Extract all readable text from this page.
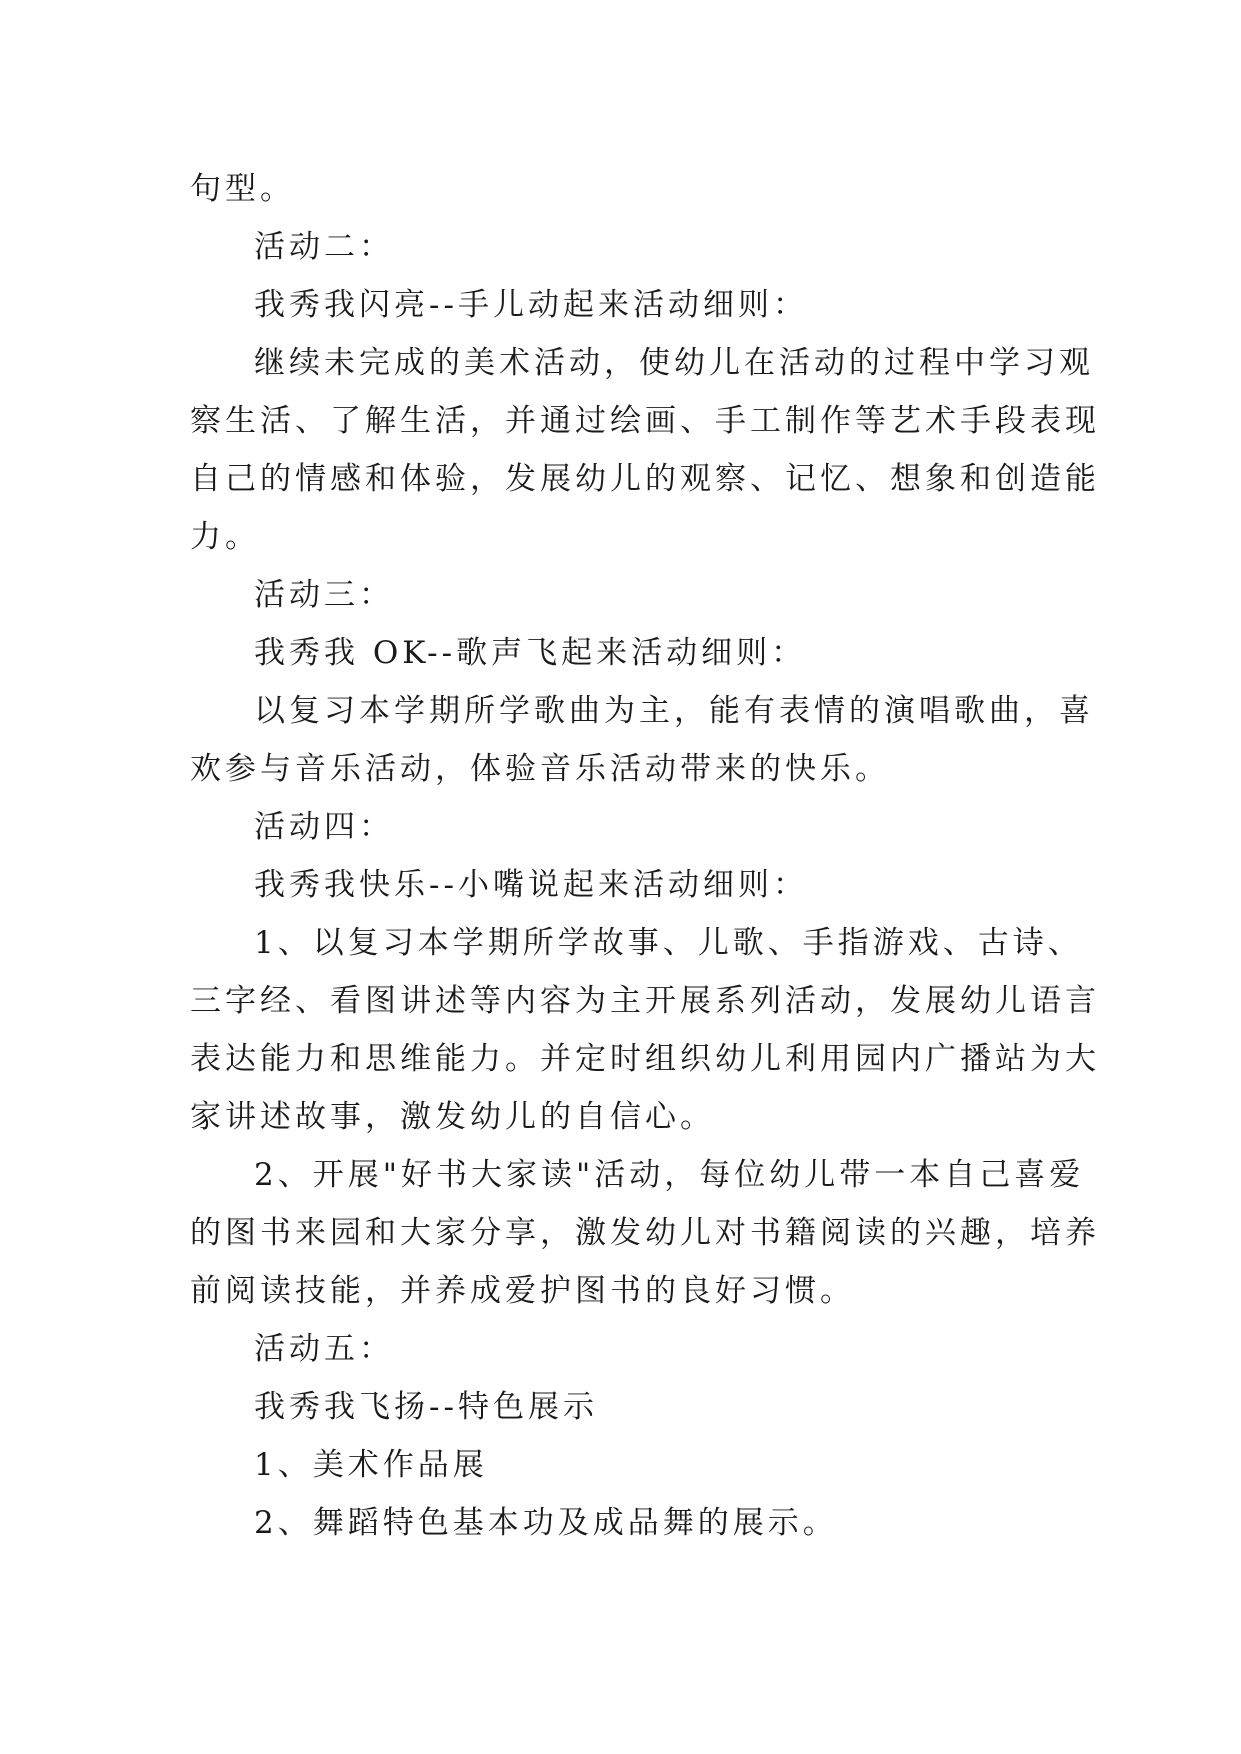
句型。
活动二：
我秀我闪亮--手儿动起来活动细则：
继续未完成的美术活动，使幼儿在活动的过程中学习观
察生活、了解生活，并通过绘画、手工制作等艺术手段表现
自己的情感和体验，发展幼儿的观察、记忆、想象和创造能
力。
活动三：
我秀我 OK--歌声飞起来活动细则：
以复习本学期所学歌曲为主，能有表情的演唱歌曲，喜
欢参与音乐活动，体验音乐活动带来的快乐。
活动四：
我秀我快乐--小嘴说起来活动细则：
1、以复习本学期所学故事、儿歌、手指游戏、古诗、
三字经、看图讲述等内容为主开展系列活动，发展幼儿语言
表达能力和思维能力。并定时组织幼儿利用园内广播站为大
家讲述故事，激发幼儿的自信心。
2、开展"好书大家读"活动，每位幼儿带一本自己喜爱
的图书来园和大家分享，激发幼儿对书籍阅读的兴趣，培养
前阅读技能，并养成爱护图书的良好习惯。
活动五：
我秀我飞扬--特色展示
1、美术作品展
2、舞蹈特色基本功及成品舞的展示。
